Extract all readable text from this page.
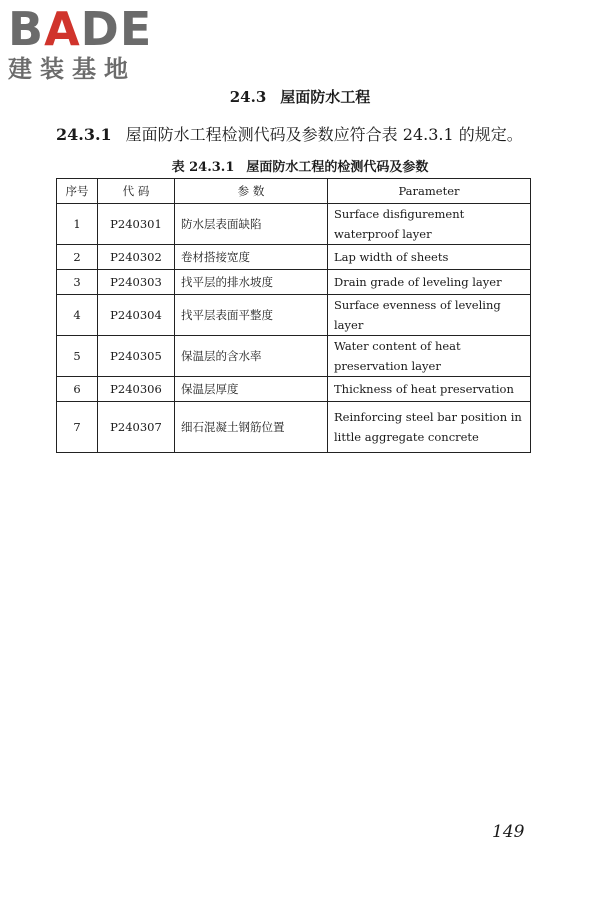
BADE
建装基地
24.3 屋面防水工程
24.3.1 屋面防水工程检测代码及参数应符合表 24.3.1 的规定。
表 24.3.1 屋面防水工程的检测代码及参数
序号	代 码	参 数	Parameter
1	P240301	防水层表面缺陷	Surface disfigurement waterproof layer
2	P240302	卷材搭接宽度	Lap width of sheets
3	P240303	找平层的排水坡度	Drain grade of leveling layer
4	P240304	找平层表面平整度	Surface evenness of leveling layer
5	P240305	保温层的含水率	Water content of heat preservation layer
6	P240306	保温层厚度	Thickness of heat preservation
7	P240307	细石混凝土钢筋位置	Reinforcing steel bar position in little aggregate concrete
149
